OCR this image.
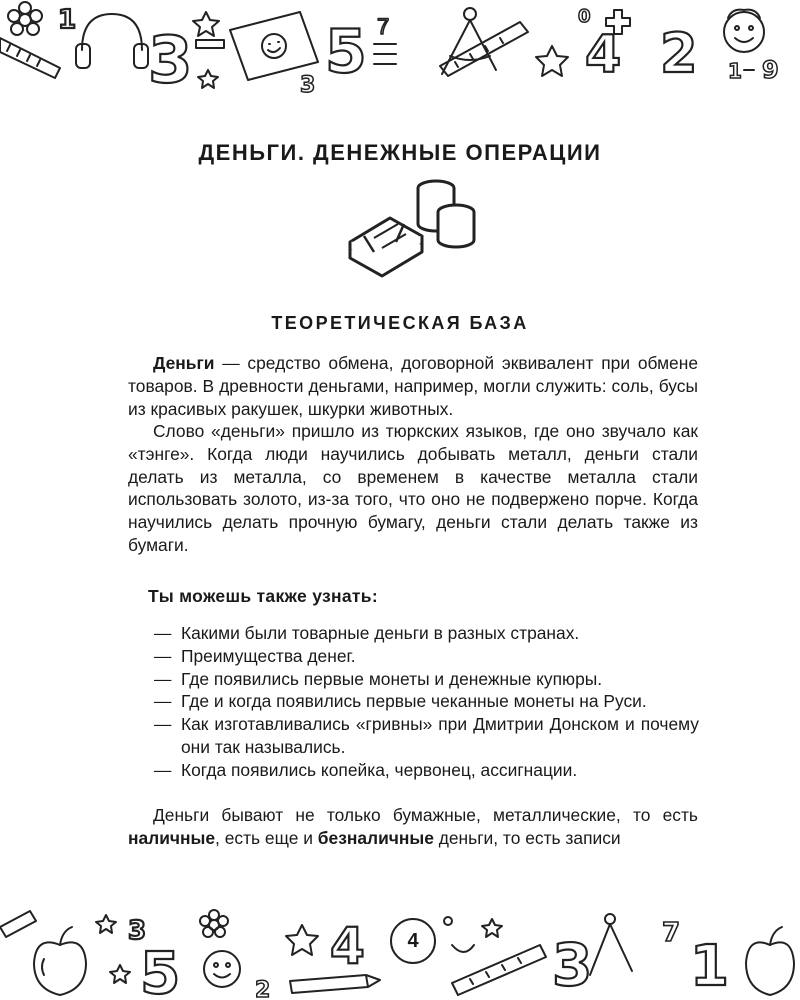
1
3 5 7	4 2 1 9
0
3
ДЕНЬГИ. ДЕНЕЖНЫЕ ОПЕРАЦИИ
ТЕОРЕТИЧЕСКАЯ БАЗА

Деньги — средство обмена, договорной эквивалент при обмене товаров. В древности деньгами, например, могли служить: соль, бусы из красивых ракушек, шкурки животных.

Слово «деньги» пришло из тюркских языков, где оно звучало как «тэнге». Когда люди научились добывать металл, деньги стали делать из металла, со временем в качестве металла стали использовать золото, из-за того, что оно не подвержено порче. Когда научились делать прочную бумагу, деньги стали делать также из бумаги.

Ты можешь также узнать:
— Какими были товарные деньги в разных странах.
— Преимущества денег.
— Где появились первые монеты и денежные купюры.
— Где и когда появились первые чеканные монеты на Руси.
— Как изготавливались «гривны» при Дмитрии Донском и почему они так назывались.
— Когда появились копейка, червонец, ассигнации.

Деньги бывают не только бумажные, металлические, то есть наличные, есть еще и безналичные деньги, то есть записи

3
5	2
4	3	7
1
4
